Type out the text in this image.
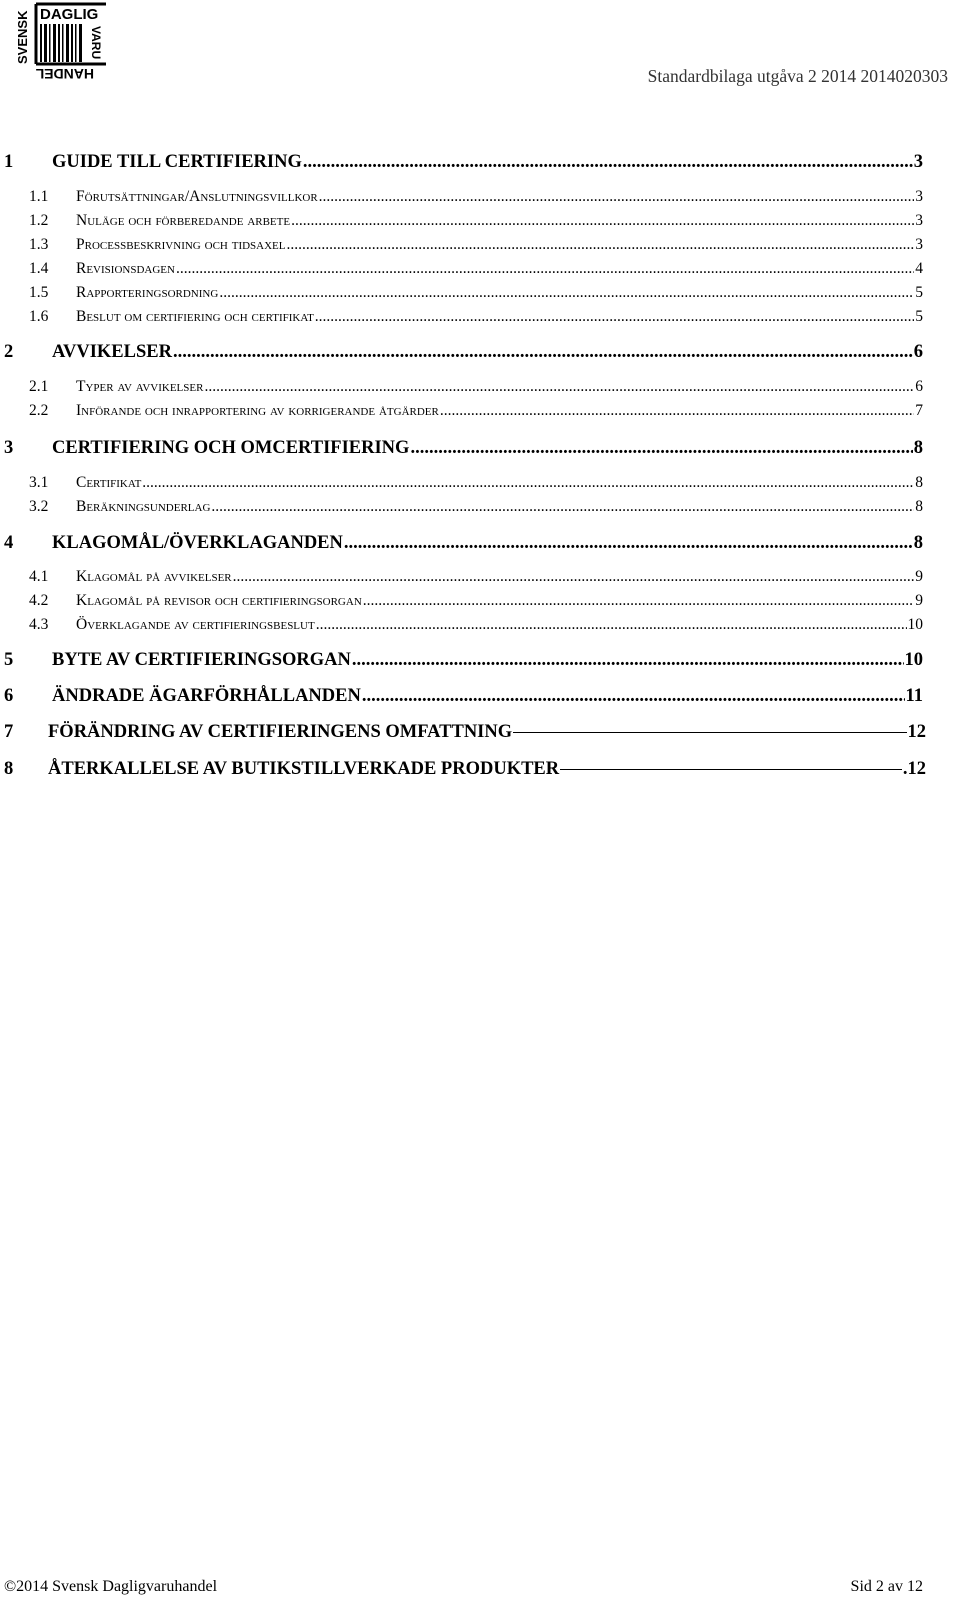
SVENSK DAGLIG
VARU
HANDEL	Standardbilaga utgåva 2 2014 2014020303
1 GUIDE TILL CERTIFIERING .....	3
1.1 Förutsättningar/Anslutningsvillkor .....	3
1.2 Nuläge och förberedande arbete .....	3
1.3 Processbeskrivning och tidsaxel .....	3
1.4 Revisionsdagen .....	4
1.5 Rapporteringsordning .....	5
1.6 Beslut om certifiering och certifikat .....	5
2 AVVIKELSER .....	6
2.1 Typer av avvikelser .....	6
2.2 Införande och inrapportering av korrigerande åtgärder .....	7
3 CERTIFIERING OCH OMCERTIFIERING .....	8
3.1 Certifikat .....	8
3.2 Beräkningsunderlag .....	8
4 KLAGOMÅL/ÖVERKLAGANDEN .....	8
4.1 Klagomål på avvikelser .....	9
4.2 Klagomål på revisor och certifieringsorgan .....	9
4.3 Överklagande av certifieringsbeslut .....	10
5 BYTE AV CERTIFIERINGSORGAN .....	10
6 ÄNDRADE ÄGARFÖRHÅLLANDEN .....	11
7 FÖRÄNDRING AV CERTIFIERINGENS OMFATTNING —————	12
8 ÅTERKALLELSE AV BUTIKSTILLVERKADE PRODUKTER —————	.12
©2014 Svensk Dagligvaruhandel	Sid 2 av 12
